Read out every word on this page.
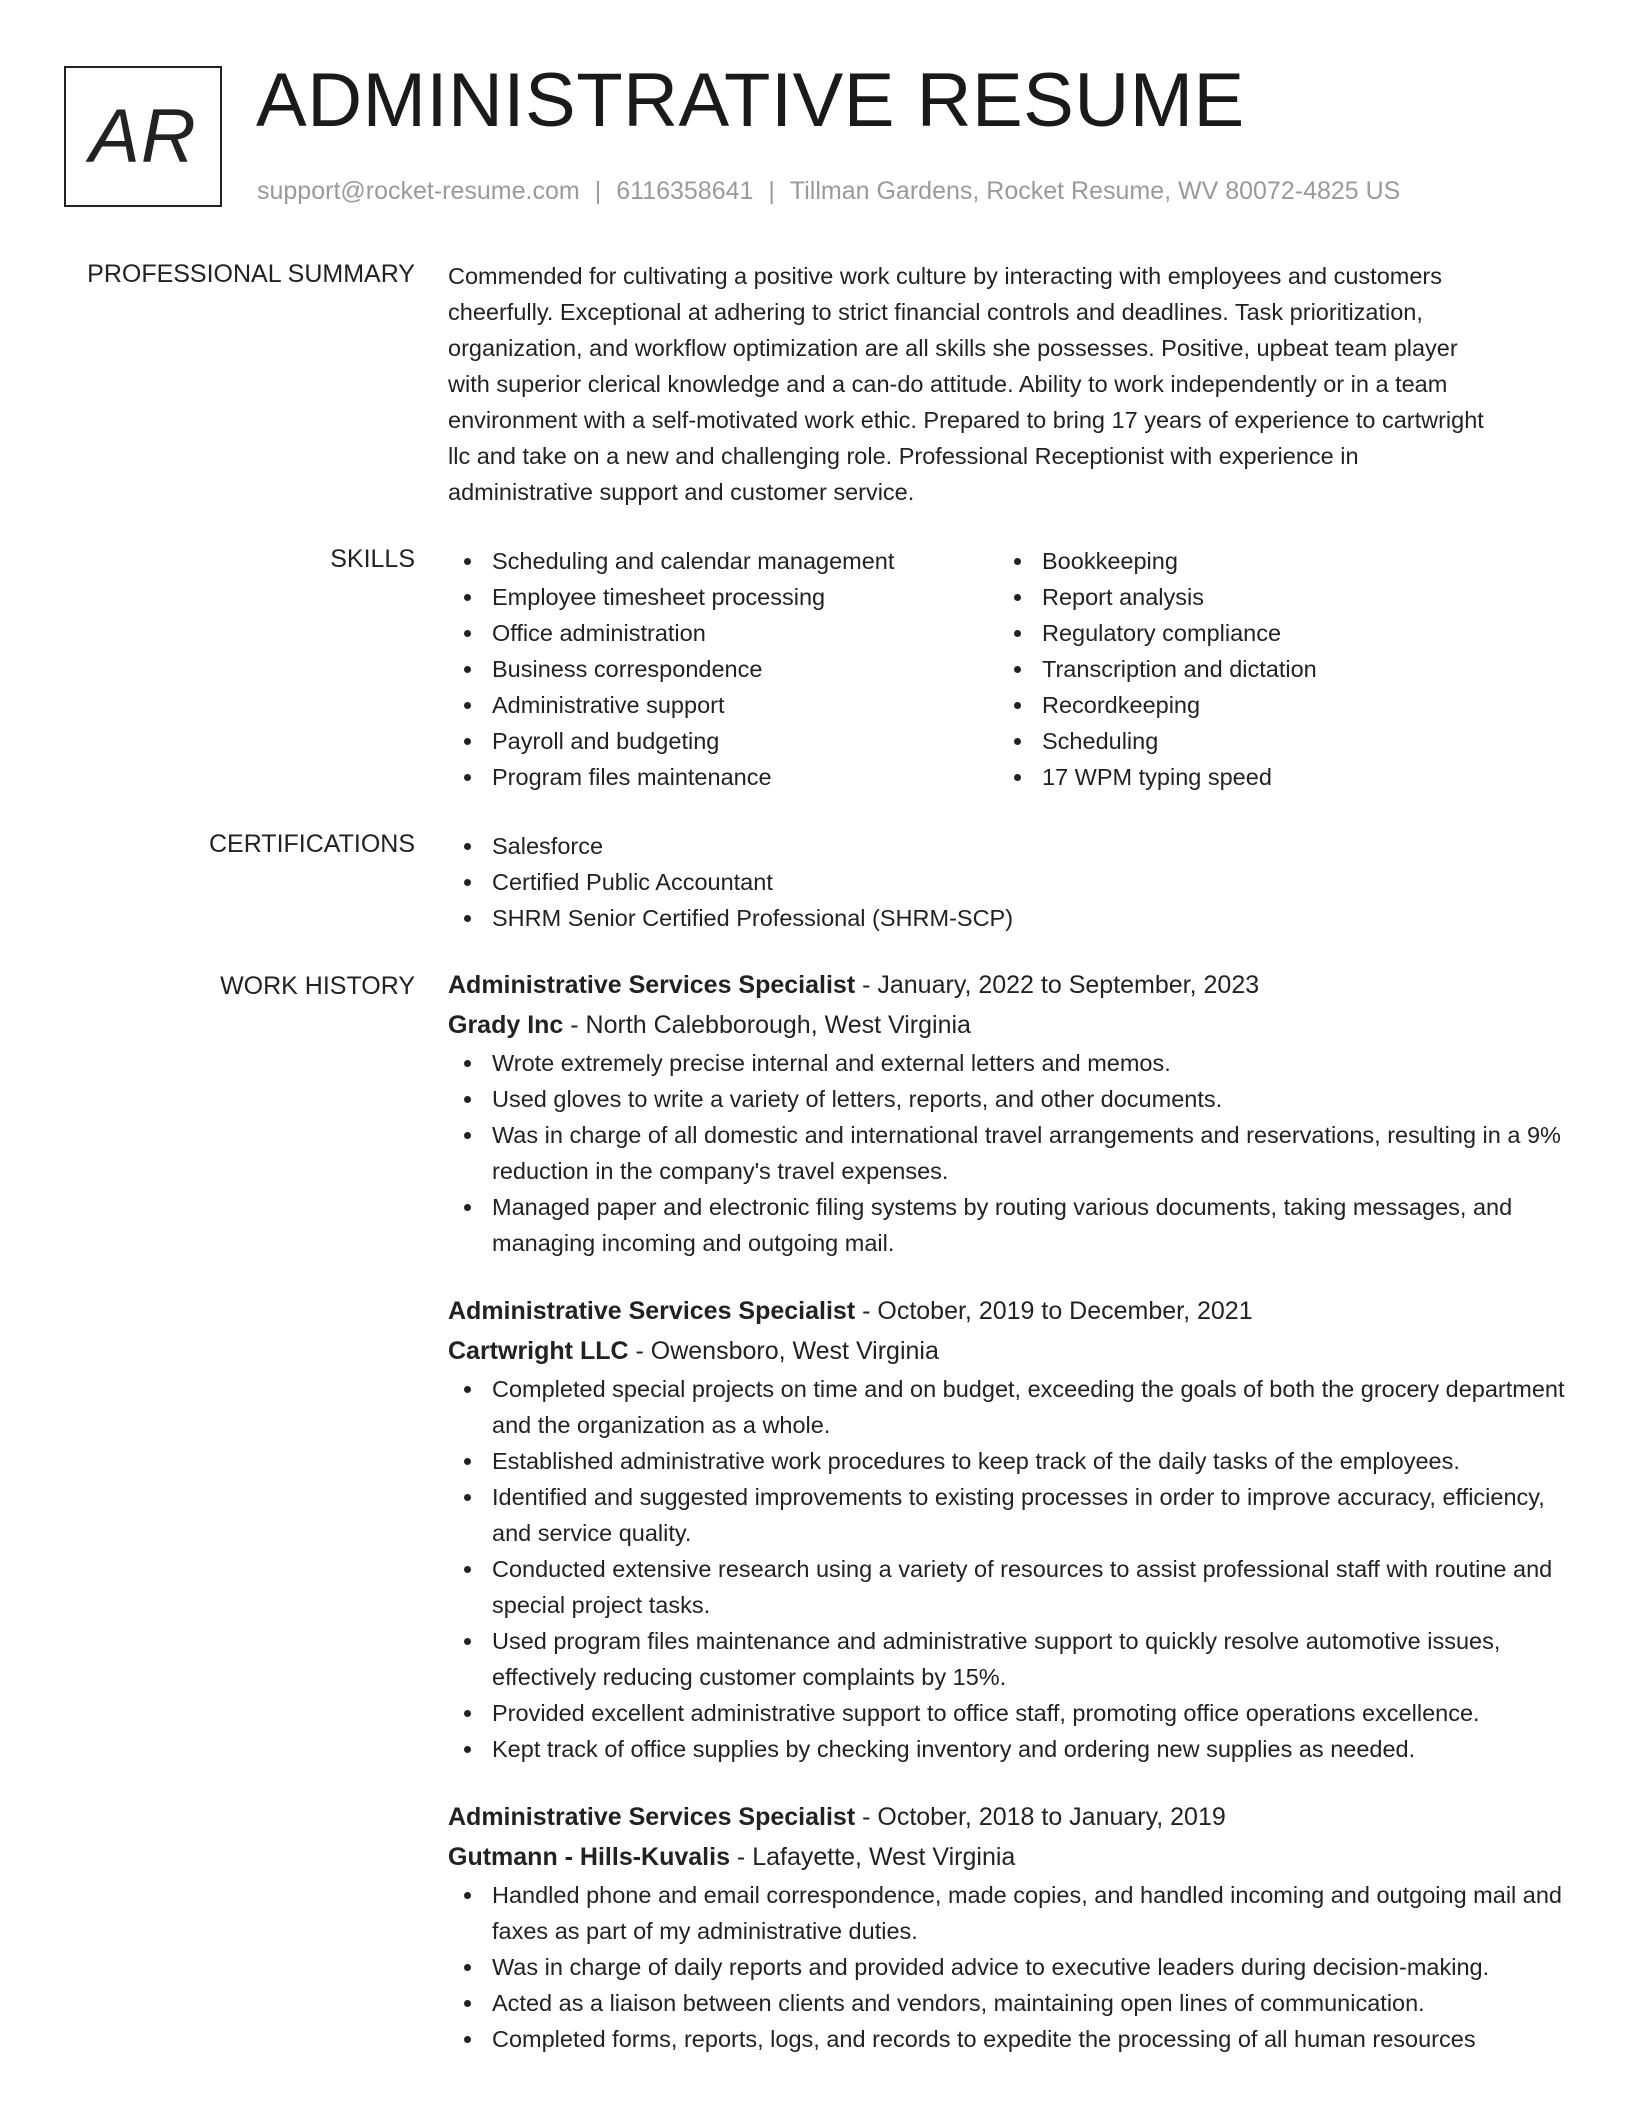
AR ADMINISTRATIVE RESUME
support@rocket-resume.com | 6116358641 | Tillman Gardens, Rocket Resume, WV 80072-4825 US
PROFESSIONAL SUMMARY Commended for cultivating a positive work culture by interacting with employees and customers
cheerfully. Exceptional at adhering to strict financial controls and deadlines. Task prioritization,
organization, and workflow optimization are all skills she possesses. Positive, upbeat team player
with superior clerical knowledge and a can-do attitude. Ability to work independently or in a team
environment with a self-motivated work ethic. Prepared to bring 17 years of experience to cartwright
llc and take on a new and challenging role. Professional Receptionist with experience in
administrative support and customer service.
SKILLS	Scheduling and calendar management
Employee timesheet processing
Office administration
Business correspondence
Administrative support
Payroll and budgeting
Program files maintenance
Bookkeeping
Report analysis
Regulatory compliance
Transcription and dictation
Recordkeeping
Scheduling
17 WPM typing speed
CERTIFICATIONS	Salesforce
Certified Public Accountant
SHRM Senior Certified Professional (SHRM-SCP)
WORK HISTORY Administrative Services Specialist - January, 2022 to September, 2023
Grady Inc - North Calebborough, West Virginia
Wrote extremely precise internal and external letters and memos.
Used gloves to write a variety of letters, reports, and other documents.
Was in charge of all domestic and international travel arrangements and reservations, resulting in a 9% reduction in the company's travel expenses.
Managed paper and electronic filing systems by routing various documents, taking messages, and managing incoming and outgoing mail.
Administrative Services Specialist - October, 2019 to December, 2021
Cartwright LLC - Owensboro, West Virginia
Completed special projects on time and on budget, exceeding the goals of both the grocery department and the organization as a whole.
Established administrative work procedures to keep track of the daily tasks of the employees.
Identified and suggested improvements to existing processes in order to improve accuracy, efficiency, and service quality.
Conducted extensive research using a variety of resources to assist professional staff with routine and special project tasks.
Used program files maintenance and administrative support to quickly resolve automotive issues, effectively reducing customer complaints by 15%.
Provided excellent administrative support to office staff, promoting office operations excellence.
Kept track of office supplies by checking inventory and ordering new supplies as needed.
Administrative Services Specialist - October, 2018 to January, 2019
Gutmann - Hills-Kuvalis - Lafayette, West Virginia
Handled phone and email correspondence, made copies, and handled incoming and outgoing mail and faxes as part of my administrative duties.
Was in charge of daily reports and provided advice to executive leaders during decision-making.
Acted as a liaison between clients and vendors, maintaining open lines of communication.
Completed forms, reports, logs, and records to expedite the processing of all human resources
